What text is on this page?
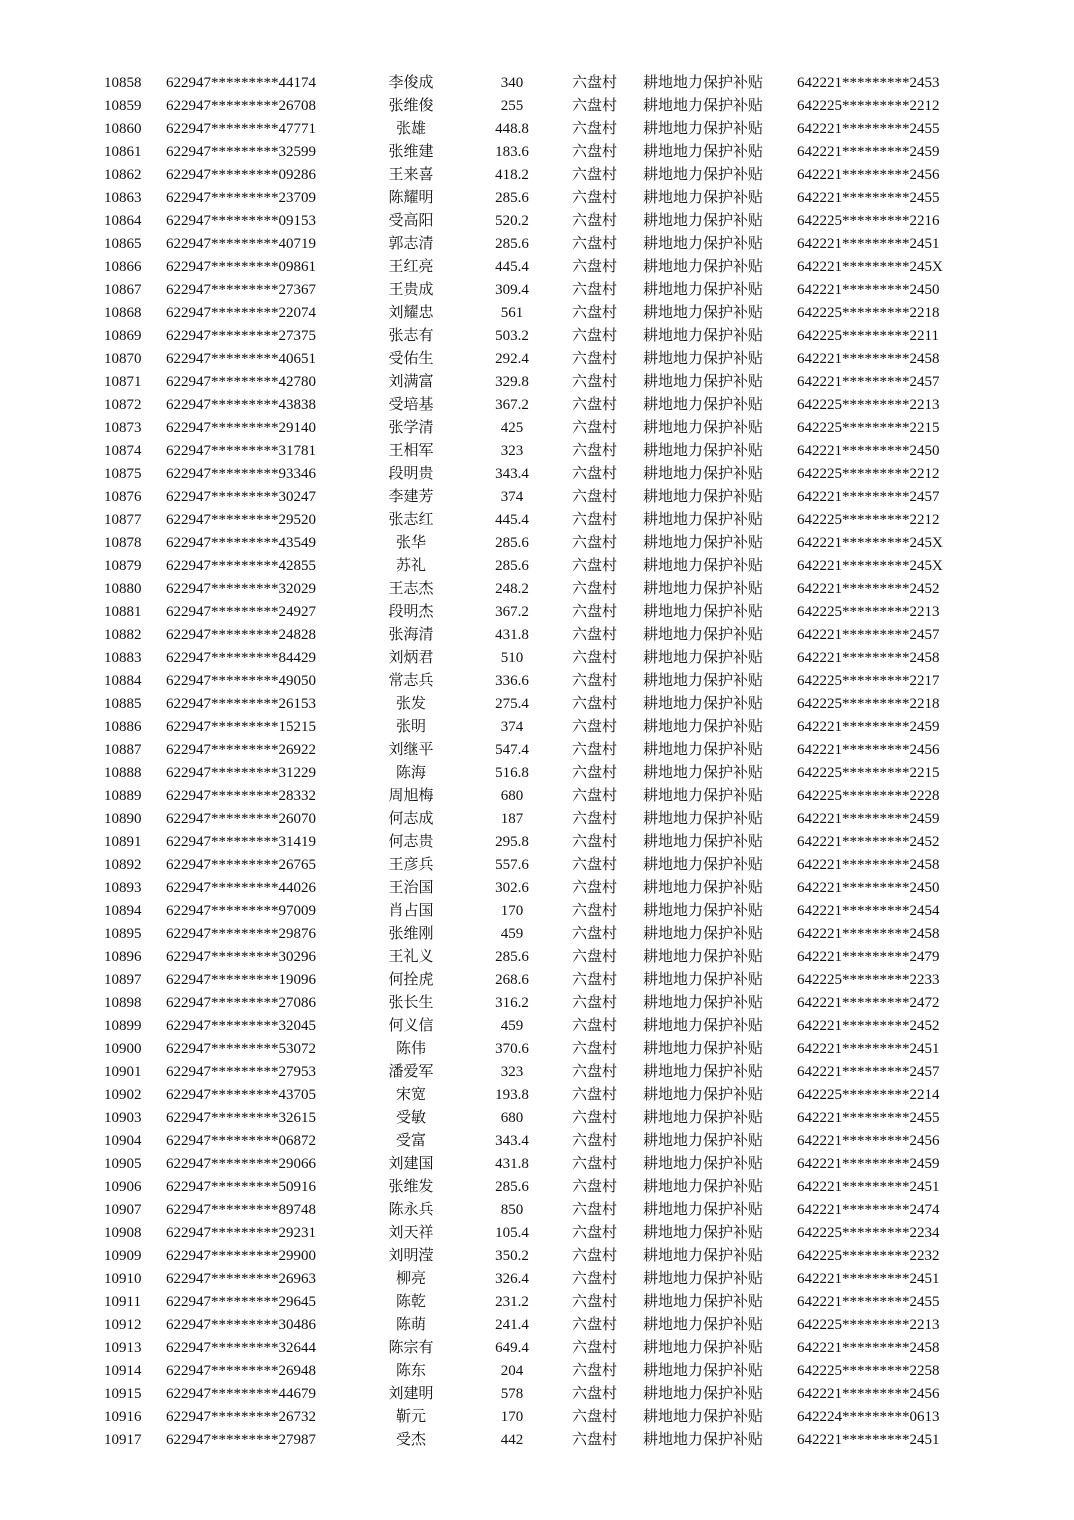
10858 622947*********44174	李俊成	340	六盘村 耕地地力保护补贴 642221*********2453
10859 622947*********26708	张维俊	255	六盘村 耕地地力保护补贴 642225*********2212
10860 622947*********47771	张雄	448.8	六盘村 耕地地力保护补贴 642221*********2455
10861 622947*********32599	张维建	183.6	六盘村 耕地地力保护补贴 642221*********2459
10862 622947*********09286	王来喜	418.2	六盘村 耕地地力保护补贴 642221*********2456
10863 622947*********23709	陈耀明	285.6	六盘村 耕地地力保护补贴 642221*********2455
10864 622947*********09153	受高阳	520.2	六盘村 耕地地力保护补贴 642225*********2216
10865 622947*********40719	郭志清	285.6	六盘村 耕地地力保护补贴 642221*********2451
10866 622947*********09861	王红亮	445.4	六盘村 耕地地力保护补贴 642221*********245X
10867 622947*********27367	王贵成	309.4	六盘村 耕地地力保护补贴 642221*********2450
10868 622947*********22074	刘耀忠	561	六盘村 耕地地力保护补贴 642225*********2218
10869 622947*********27375	张志有	503.2	六盘村 耕地地力保护补贴 642225*********2211
10870 622947*********40651	受佑生	292.4	六盘村 耕地地力保护补贴 642221*********2458
10871 622947*********42780	刘满富	329.8	六盘村 耕地地力保护补贴 642221*********2457
10872 622947*********43838	受培基	367.2	六盘村 耕地地力保护补贴 642225*********2213
10873 622947*********29140	张学清	425	六盘村 耕地地力保护补贴 642225*********2215
10874 622947*********31781	王相军	323	六盘村 耕地地力保护补贴 642221*********2450
10875 622947*********93346	段明贵	343.4	六盘村 耕地地力保护补贴 642225*********2212
10876 622947*********30247	李建芳	374	六盘村 耕地地力保护补贴 642221*********2457
10877 622947*********29520	张志红	445.4	六盘村 耕地地力保护补贴 642225*********2212
10878 622947*********43549	张华	285.6	六盘村 耕地地力保护补贴 642221*********245X
10879 622947*********42855	苏礼	285.6	六盘村 耕地地力保护补贴 642221*********245X
10880 622947*********32029	王志杰	248.2	六盘村 耕地地力保护补贴 642221*********2452
10881 622947*********24927	段明杰	367.2	六盘村 耕地地力保护补贴 642225*********2213
10882 622947*********24828	张海清	431.8	六盘村 耕地地力保护补贴 642221*********2457
10883 622947*********84429	刘炳君	510	六盘村 耕地地力保护补贴 642221*********2458
10884 622947*********49050	常志兵	336.6	六盘村 耕地地力保护补贴 642225*********2217
10885 622947*********26153	张发	275.4	六盘村 耕地地力保护补贴 642225*********2218
10886 622947*********15215	张明	374	六盘村 耕地地力保护补贴 642221*********2459
10887 622947*********26922	刘继平	547.4	六盘村 耕地地力保护补贴 642221*********2456
10888 622947*********31229	陈海	516.8	六盘村 耕地地力保护补贴 642225*********2215
10889 622947*********28332	周旭梅	680	六盘村 耕地地力保护补贴 642225*********2228
10890 622947*********26070	何志成	187	六盘村 耕地地力保护补贴 642221*********2459
10891 622947*********31419	何志贵	295.8	六盘村 耕地地力保护补贴 642221*********2452
10892 622947*********26765	王彦兵	557.6	六盘村 耕地地力保护补贴 642221*********2458
10893 622947*********44026	王治国	302.6	六盘村 耕地地力保护补贴 642221*********2450
10894 622947*********97009	肖占国	170	六盘村 耕地地力保护补贴 642221*********2454
10895 622947*********29876	张维刚	459	六盘村 耕地地力保护补贴 642221*********2458
10896 622947*********30296	王礼义	285.6	六盘村 耕地地力保护补贴 642221*********2479
10897 622947*********19096	何拴虎	268.6	六盘村 耕地地力保护补贴 642225*********2233
10898 622947*********27086	张长生	316.2	六盘村 耕地地力保护补贴 642221*********2472
10899 622947*********32045	何义信	459	六盘村 耕地地力保护补贴 642221*********2452
10900 622947*********53072	陈伟	370.6	六盘村 耕地地力保护补贴 642221*********2451
10901 622947*********27953	潘爱军	323	六盘村 耕地地力保护补贴 642221*********2457
10902 622947*********43705	宋宽	193.8	六盘村 耕地地力保护补贴 642225*********2214
10903 622947*********32615	受敏	680	六盘村 耕地地力保护补贴 642221*********2455
10904 622947*********06872	受富	343.4	六盘村 耕地地力保护补贴 642221*********2456
10905 622947*********29066	刘建国	431.8	六盘村 耕地地力保护补贴 642221*********2459
10906 622947*********50916	张维发	285.6	六盘村 耕地地力保护补贴 642221*********2451
10907 622947*********89748	陈永兵	850	六盘村 耕地地力保护补贴 642221*********2474
10908 622947*********29231	刘天祥	105.4	六盘村 耕地地力保护补贴 642225*********2234
10909 622947*********29900	刘明滢	350.2	六盘村 耕地地力保护补贴 642225*********2232
10910 622947*********26963	柳亮	326.4	六盘村 耕地地力保护补贴 642221*********2451
10911 622947*********29645	陈乾	231.2	六盘村 耕地地力保护补贴 642221*********2455
10912 622947*********30486	陈萌	241.4	六盘村 耕地地力保护补贴 642225*********2213
10913 622947*********32644	陈宗有	649.4	六盘村 耕地地力保护补贴 642221*********2458
10914 622947*********26948	陈东	204	六盘村 耕地地力保护补贴 642225*********2258
10915 622947*********44679	刘建明	578	六盘村 耕地地力保护补贴 642221*********2456
10916 622947*********26732	靳元	170	六盘村 耕地地力保护补贴 642224*********0613
10917 622947*********27987	受杰	442	六盘村 耕地地力保护补贴 642221*********2451
